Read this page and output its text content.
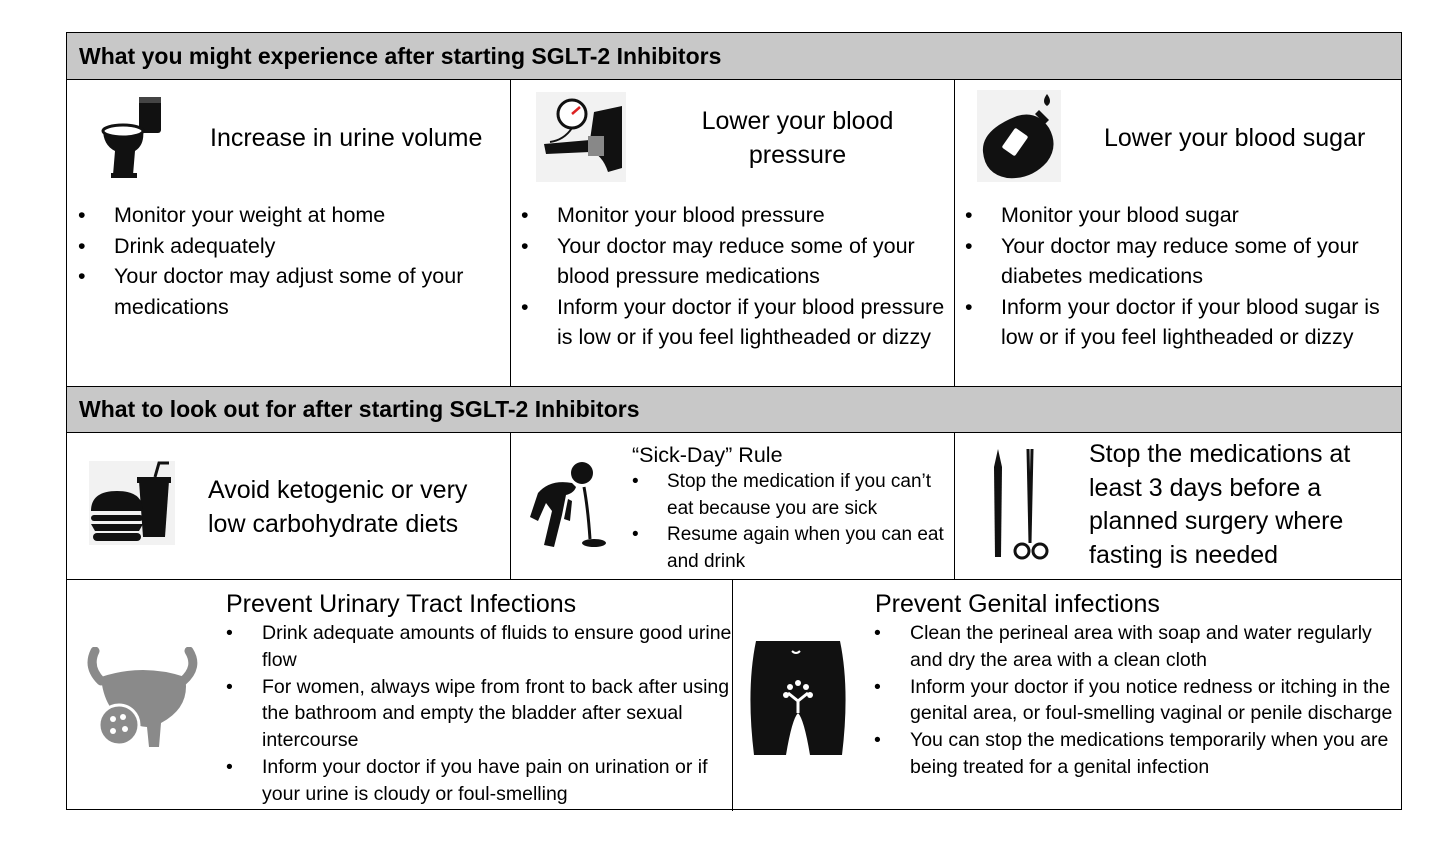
What you might experience after starting SGLT-2 Inhibitors
Increase in urine volume
• Monitor your weight at home
• Drink adequately
• Your doctor may adjust some of your medications
Lower your blood pressure
• Monitor your blood pressure
• Your doctor may reduce some of your blood pressure medications
• Inform your doctor if your blood pressure is low or if you feel lightheaded or dizzy
Lower your blood sugar
• Monitor your blood sugar
• Your doctor may reduce some of your diabetes medications
• Inform your doctor if your blood sugar is low or if you feel lightheaded or dizzy
What to look out for after starting SGLT-2 Inhibitors
Avoid ketogenic or very low carbohydrate diets
“Sick-Day” Rule
• Stop the medication if you can’t eat because you are sick
• Resume again when you can eat and drink
Stop the medications at least 3 days before a planned surgery where fasting is needed
Prevent Urinary Tract Infections
• Drink adequate amounts of fluids to ensure good urine flow
• For women, always wipe from front to back after using the bathroom and empty the bladder after sexual intercourse
• Inform your doctor if you have pain on urination or if your urine is cloudy or foul-smelling
Prevent Genital infections
• Clean the perineal area with soap and water regularly and dry the area with a clean cloth
• Inform your doctor if you notice redness or itching in the genital area, or foul-smelling vaginal or penile discharge
• You can stop the medications temporarily when you are being treated for a genital infection
